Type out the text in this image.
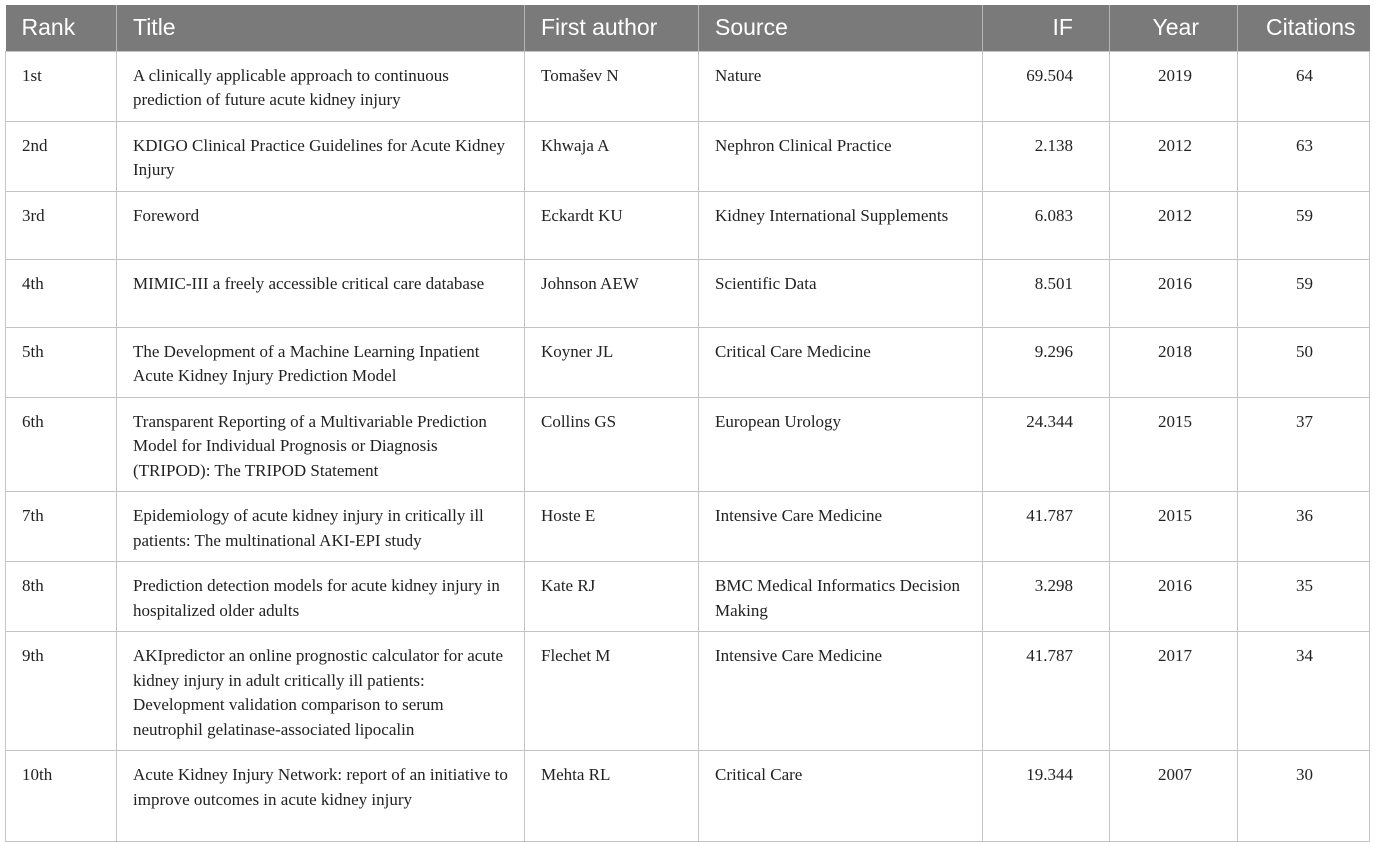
Rank	Title	First author	Source	IF	Year	Citations
1st	A clinically applicable approach to continuous prediction of future acute kidney injury	Tomašev N	Nature	69.504	2019	64
2nd	KDIGO Clinical Practice Guidelines for Acute Kidney Injury	Khwaja A	Nephron Clinical Practice	2.138	2012	63
3rd	Foreword	Eckardt KU	Kidney International Supplements	6.083	2012	59
4th	MIMIC-III a freely accessible critical care database	Johnson AEW	Scientific Data	8.501	2016	59
5th	The Development of a Machine Learning Inpatient Acute Kidney Injury Prediction Model	Koyner JL	Critical Care Medicine	9.296	2018	50
6th	Transparent Reporting of a Multivariable Prediction Model for Individual Prognosis or Diagnosis (TRIPOD): The TRIPOD Statement	Collins GS	European Urology	24.344	2015	37
7th	Epidemiology of acute kidney injury in critically ill patients: The multinational AKI-EPI study	Hoste E	Intensive Care Medicine	41.787	2015	36
8th	Prediction detection models for acute kidney injury in hospitalized older adults	Kate RJ	BMC Medical Informatics Decision Making	3.298	2016	35
9th	AKIpredictor an online prognostic calculator for acute kidney injury in adult critically ill patients: Development validation comparison to serum neutrophil gelatinase-associated lipocalin	Flechet M	Intensive Care Medicine	41.787	2017	34
10th	Acute Kidney Injury Network: report of an initiative to improve outcomes in acute kidney injury	Mehta RL	Critical Care	19.344	2007	30
